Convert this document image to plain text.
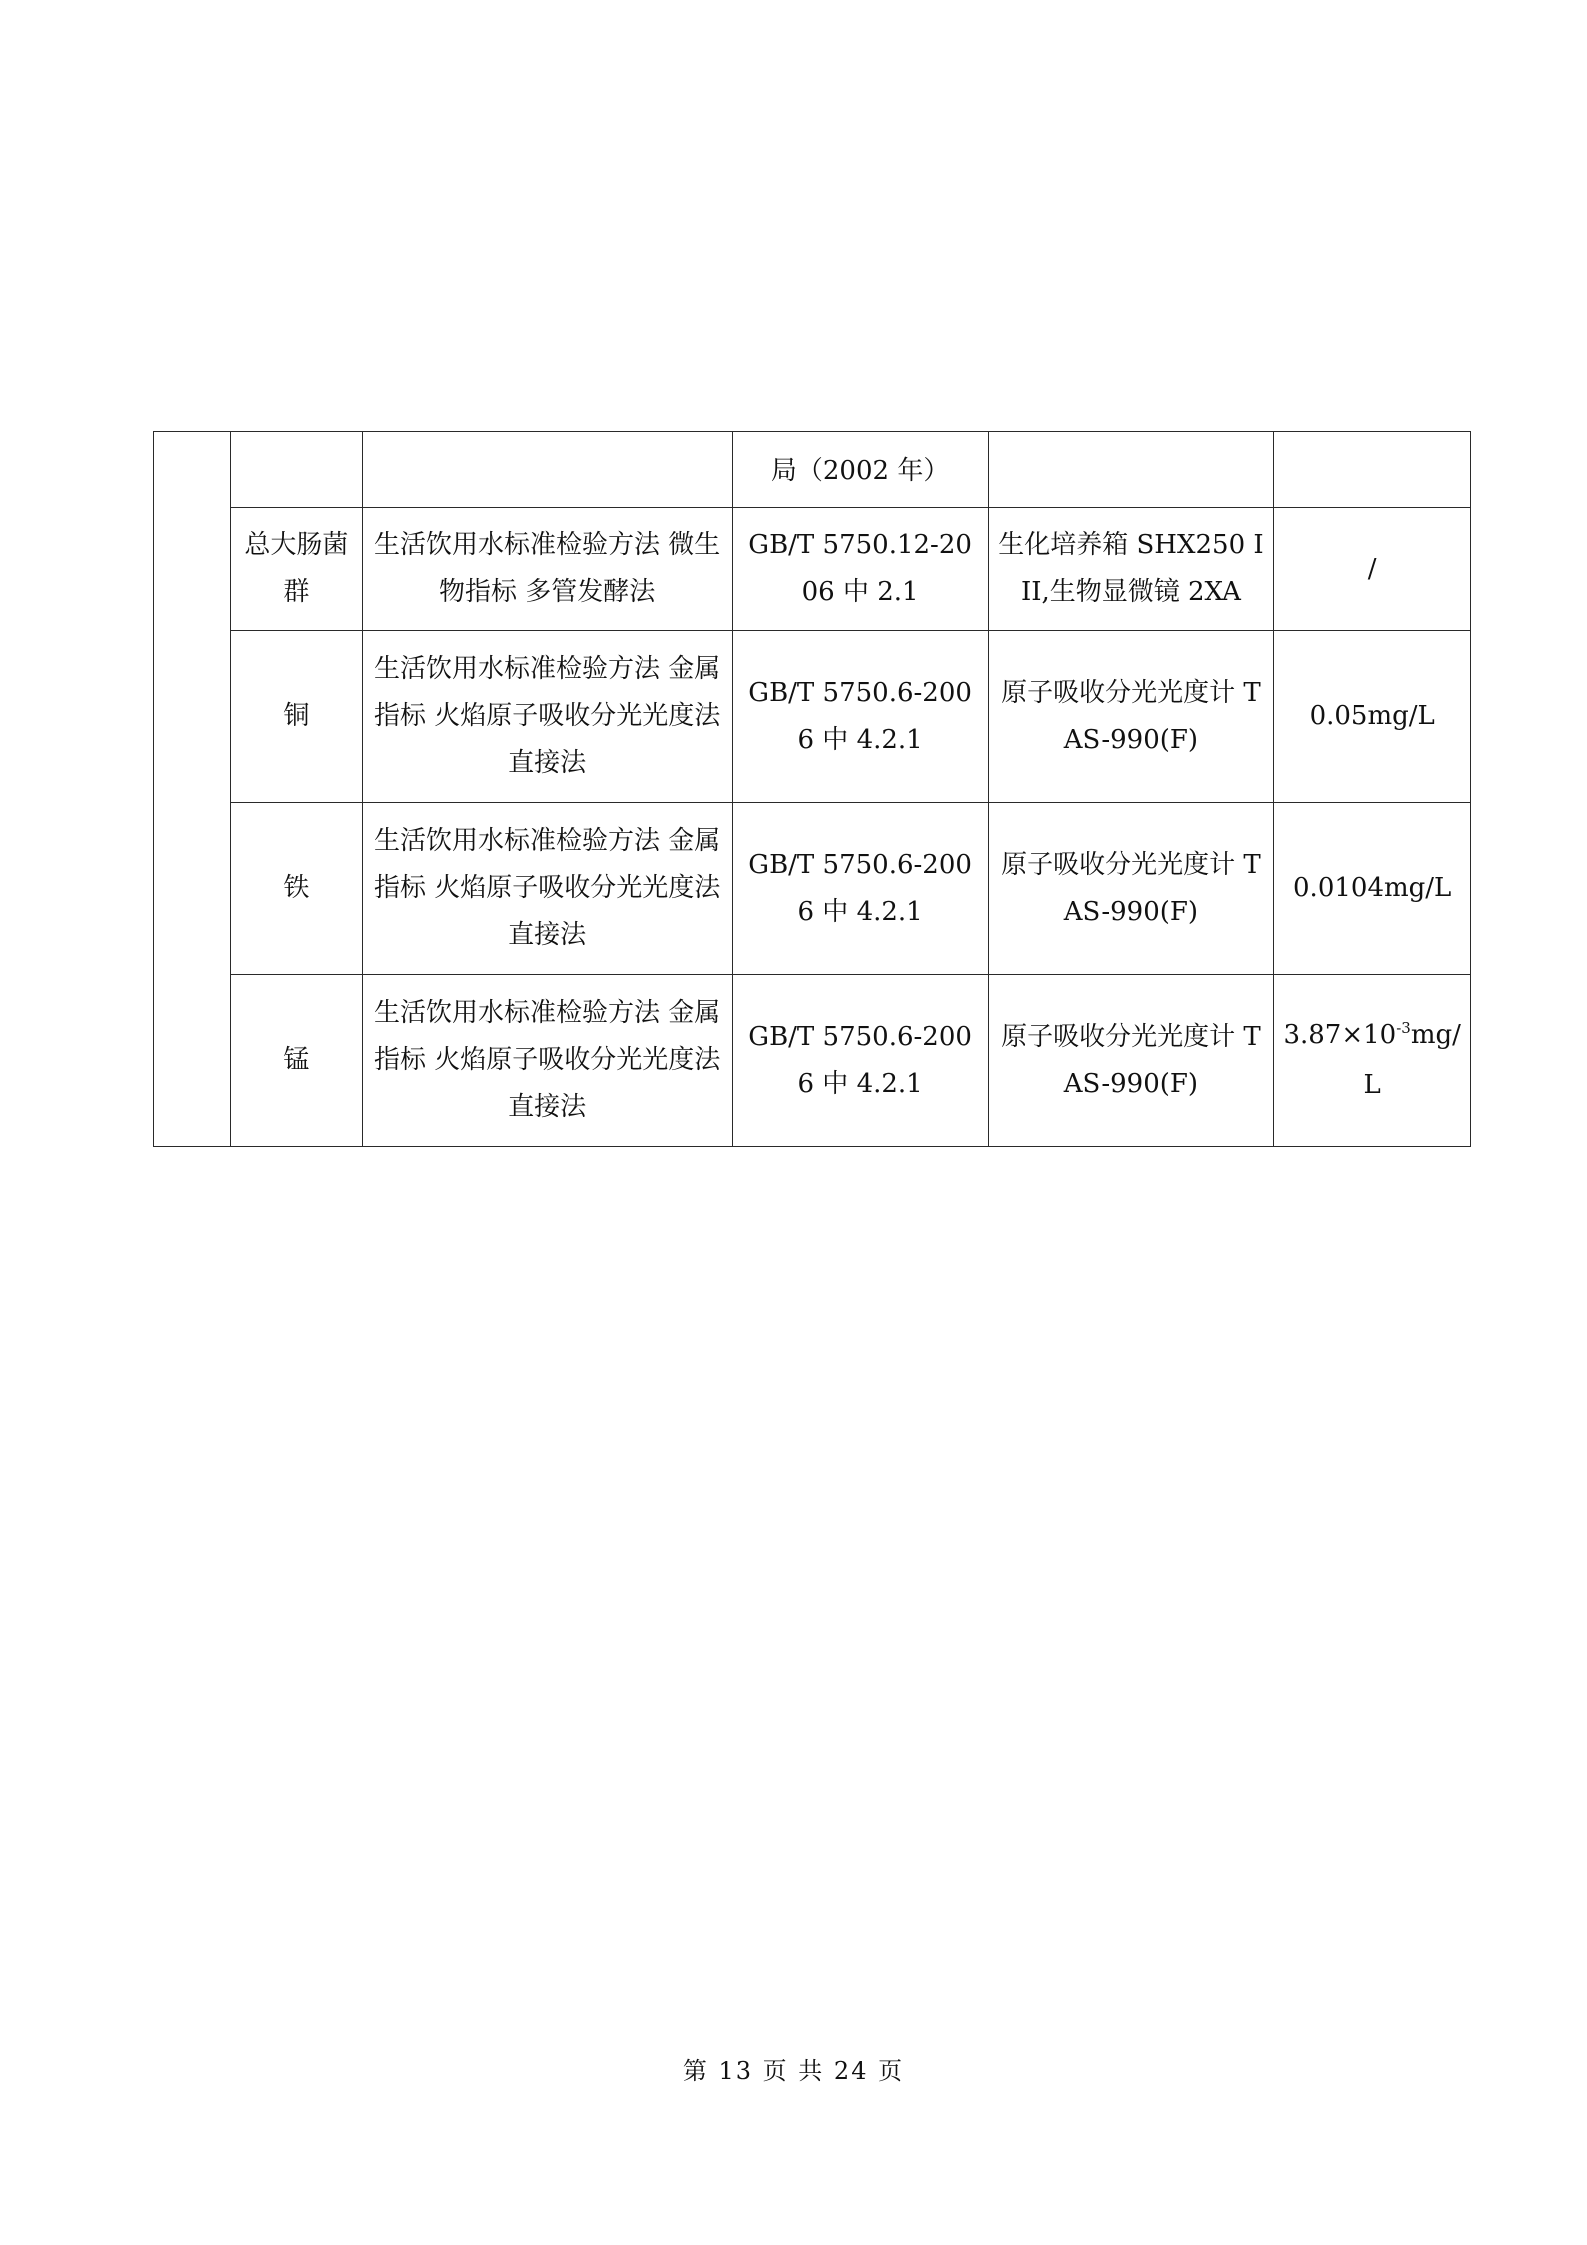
			局（2002 年）		
	总大肠菌群	生活饮用水标准检验方法 微生物指标 多管发酵法	GB/T 5750.12-2006 中 2.1	生化培养箱 SHX250 III,生物显微镜 2XA	/
	铜	生活饮用水标准检验方法 金属指标 火焰原子吸收分光光度法 直接法	GB/T 5750.6-2006 中 4.2.1	原子吸收分光光度计 TAS-990(F)	0.05mg/L
	铁	生活饮用水标准检验方法 金属指标 火焰原子吸收分光光度法 直接法	GB/T 5750.6-2006 中 4.2.1	原子吸收分光光度计 TAS-990(F)	0.0104mg/L
	锰	生活饮用水标准检验方法 金属指标 火焰原子吸收分光光度法 直接法	GB/T 5750.6-2006 中 4.2.1	原子吸收分光光度计 TAS-990(F)	$3.87\times 10^{-3}mg/L$
第 13 页 共 24 页
